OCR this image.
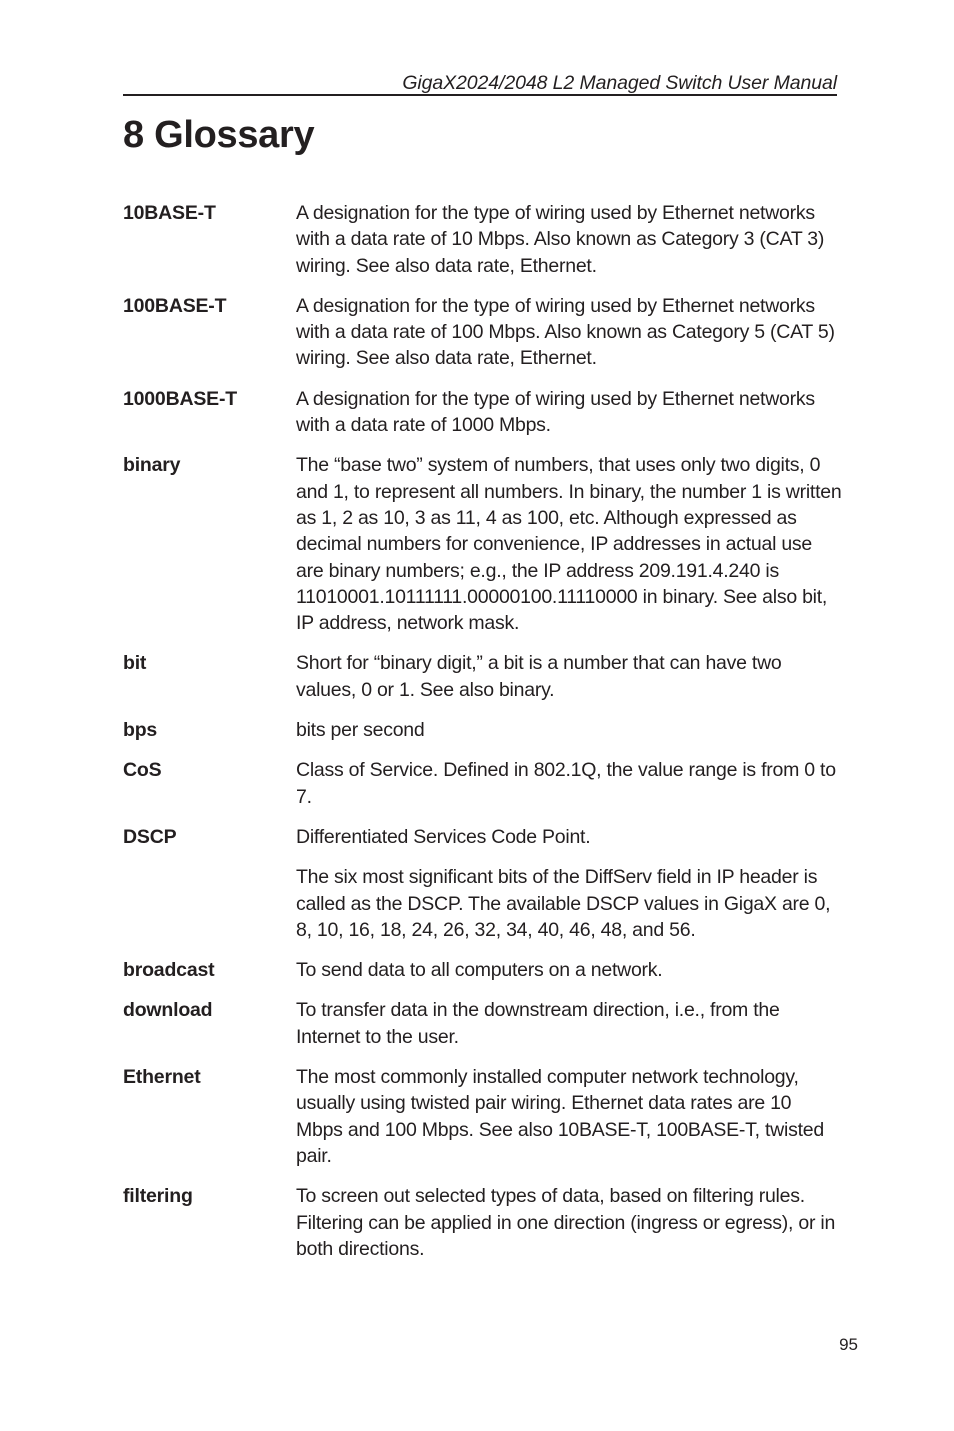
GigaX2024/2048 L2 Managed Switch User Manual
8 Glossary
10BASE-T	A designation for the type of wiring used by Ethernet networks with a data rate of 10 Mbps. Also known as Category 3 (CAT 3) wiring. See also data rate, Ethernet.

100BASE-T	A designation for the type of wiring used by Ethernet networks with a data rate of 100 Mbps. Also known as Category 5 (CAT 5) wiring. See also data rate, Ethernet.

1000BASE-T	A designation for the type of wiring used by Ethernet networks with a data rate of 1000 Mbps.

binary	The “base two” system of numbers, that uses only two digits, 0 and 1, to represent all numbers. In binary, the number 1 is written as 1, 2 as 10, 3 as 11, 4 as 100, etc. Although expressed as decimal numbers for convenience, IP addresses in actual use are binary numbers; e.g., the IP address 209.191.4.240 is 11010001.10111111.00000100.11110000 in binary. See also bit, IP address, network mask.

bit	Short for “binary digit,” a bit is a number that can have two values, 0 or 1. See also binary.

bps	bits per second

CoS	Class of Service. Defined in 802.1Q, the value range is from 0 to 7.

DSCP	Differentiated Services Code Point.

The six most significant bits of the DiffServ field in IP header is called as the DSCP. The available DSCP values in GigaX are 0, 8, 10, 16, 18, 24, 26, 32, 34, 40, 46, 48, and 56.

broadcast	To send data to all computers on a network.

download	To transfer data in the downstream direction, i.e., from the Internet to the user.

Ethernet	The most commonly installed computer network technology, usually using twisted pair wiring. Ethernet data rates are 10 Mbps and 100 Mbps. See also 10BASE-T, 100BASE-T, twisted pair.

filtering	To screen out selected types of data, based on filtering rules. Filtering can be applied in one direction (ingress or egress), or in both directions.

95
